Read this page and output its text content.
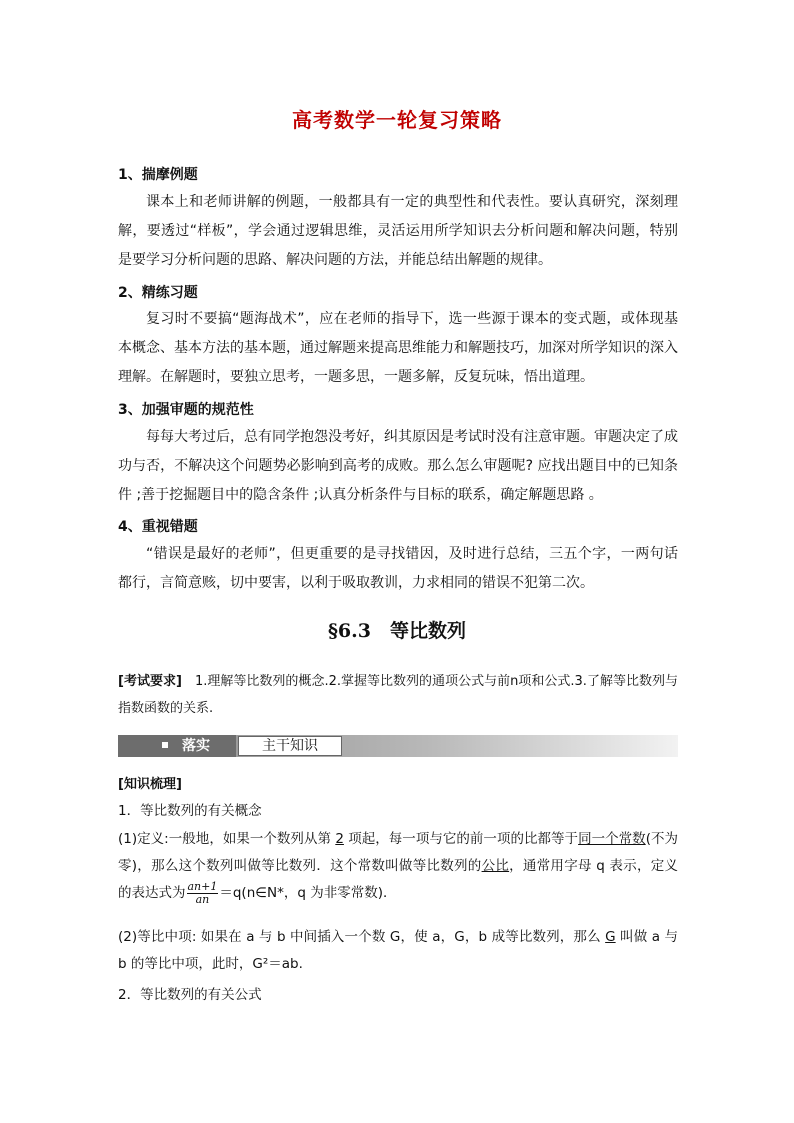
高考数学一轮复习策略
1、揣摩例题

课本上和老师讲解的例题，一般都具有一定的典型性和代表性。要认真研究，深刻理解，要透过“样板”，学会通过逻辑思维，灵活运用所学知识去分析问题和解决问题，特别是要学习分析问题的思路、解决问题的方法，并能总结出解题的规律。

2、精练习题

复习时不要搞“题海战术”，应在老师的指导下，选一些源于课本的变式题，或体现基本概念、基本方法的基本题，通过解题来提高思维能力和解题技巧，加深对所学知识的深入理解。在解题时，要独立思考，一题多思，一题多解，反复玩味，悟出道理。

3、加强审题的规范性

每每大考过后，总有同学抱怨没考好，纠其原因是考试时没有注意审题。审题决定了成功与否，不解决这个问题势必影响到高考的成败。那么怎么审题呢? 应找出题目中的已知条件 ;善于挖掘题目中的隐含条件 ;认真分析条件与目标的联系，确定解题思路 。

4、重视错题

“错误是最好的老师”，但更重要的是寻找错因，及时进行总结，三五个字，一两句话都行，言简意赅，切中要害，以利于吸取教训，力求相同的错误不犯第二次。

§6.3　等比数列

[考试要求]　1.理解等比数列的概念.2.掌握等比数列的通项公式与前n项和公式.3.了解等比数列与指数函数的关系.

落实	主干知识

[知识梳理]

1．等比数列的有关概念

(1)定义:一般地，如果一个数列从第 2 项起，每一项与它的前一项的比都等于同一个常数(不为零)，那么这个数列叫做等比数列．这个常数叫做等比数列的公比，通常用字母 q 表示，定义的表达式为 $\frac{an+1}{an}$ ＝q(n∈N*，q 为非零常数)．

(2)等比中项: 如果在 a 与 b 中间插入一个数 G，使 a，G，b 成等比数列，那么 G 叫做 a 与 b 的等比中项，此时，G²＝ab.

2．等比数列的有关公式
